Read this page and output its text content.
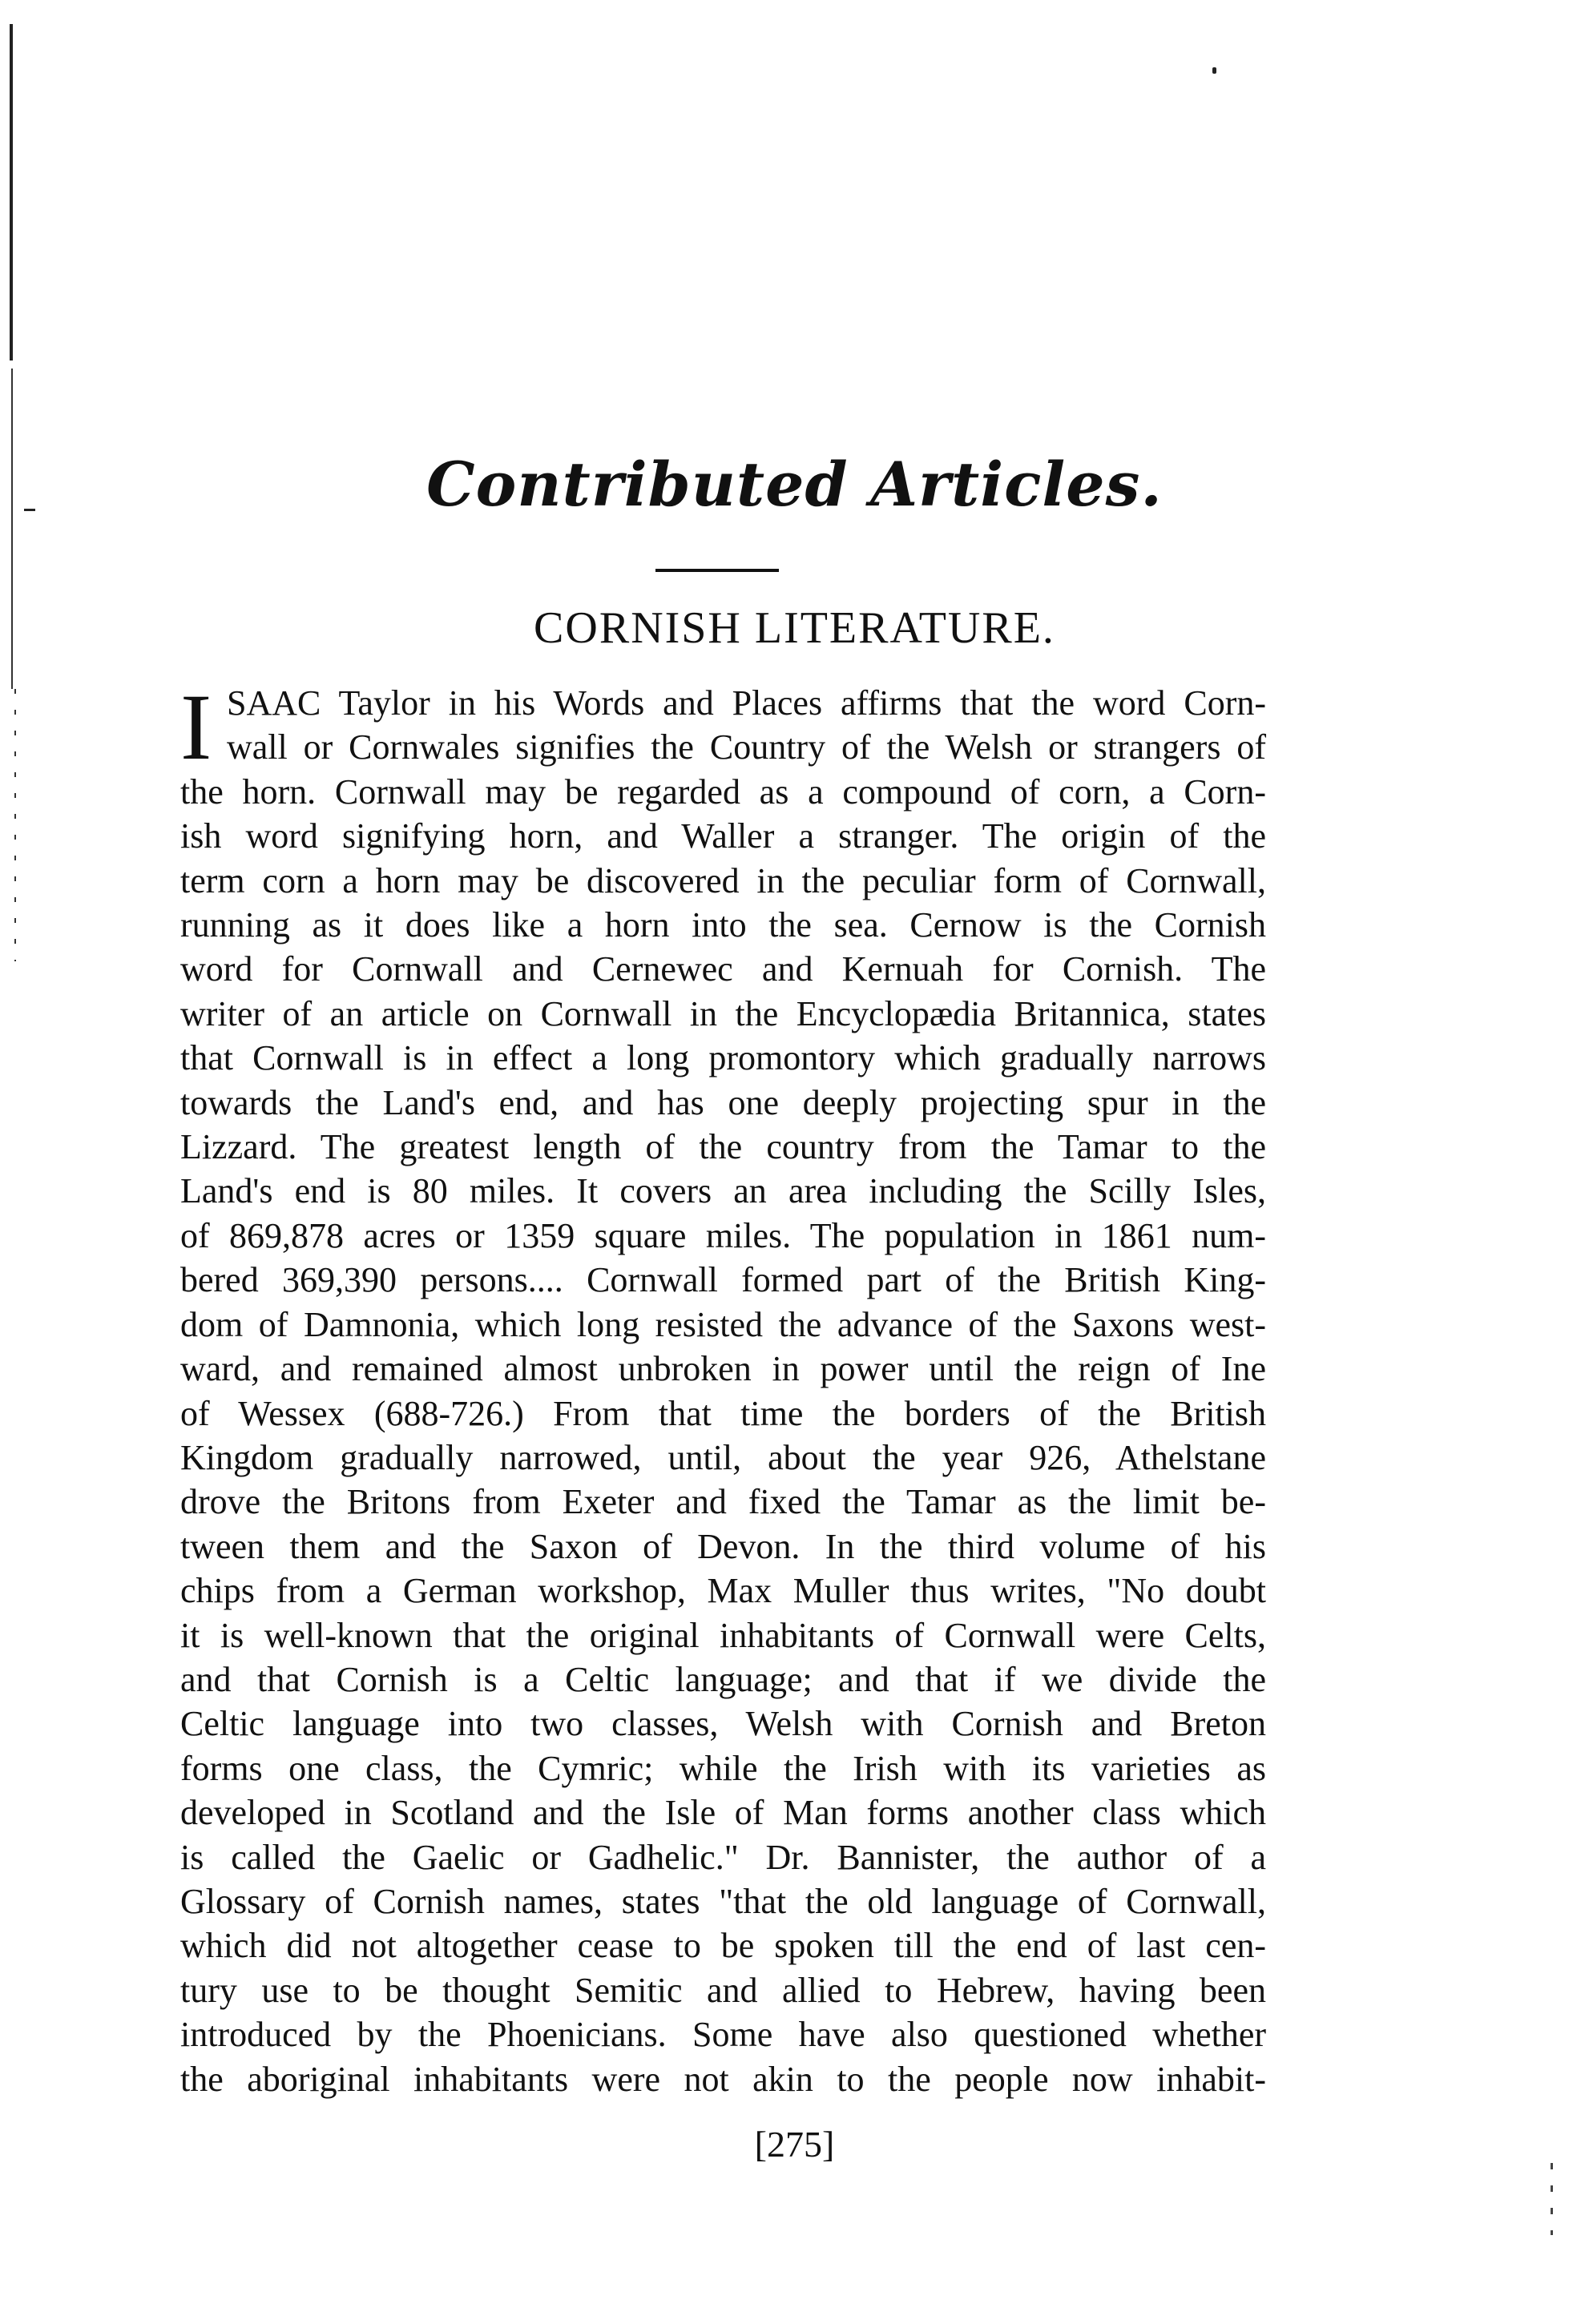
Contributed Articles.
CORNISH LITERATURE.
I SAAC Taylor in his Words and Places affirms that the word Corn-
wall or Cornwales signifies the Country of the Welsh or strangers of
the horn. Cornwall may be regarded as a compound of corn, a Corn-
ish word signifying horn, and Waller a stranger. The origin of the
term corn a horn may be discovered in the peculiar form of Cornwall,
running as it does like a horn into the sea. Cernow is the Cornish
word for Cornwall and Cernewec and Kernuah for Cornish. The
writer of an article on Cornwall in the Encyclopædia Britannica, states
that Cornwall is in effect a long promontory which gradually narrows
towards the Land's end, and has one deeply projecting spur in the
Lizzard. The greatest length of the country from the Tamar to the
Land's end is 80 miles. It covers an area including the Scilly Isles,
of 869,878 acres or 1359 square miles. The population in 1861 num-
bered 369,390 persons.... Cornwall formed part of the British King-
dom of Damnonia, which long resisted the advance of the Saxons west-
ward, and remained almost unbroken in power until the reign of Ine
of Wessex (688-726.) From that time the borders of the British
Kingdom gradually narrowed, until, about the year 926, Athelstane
drove the Britons from Exeter and fixed the Tamar as the limit be-
tween them and the Saxon of Devon. In the third volume of his
chips from a German workshop, Max Muller thus writes, "No doubt
it is well-known that the original inhabitants of Cornwall were Celts,
and that Cornish is a Celtic language; and that if we divide the
Celtic language into two classes, Welsh with Cornish and Breton
forms one class, the Cymric; while the Irish with its varieties as
developed in Scotland and the Isle of Man forms another class which
is called the Gaelic or Gadhelic." Dr. Bannister, the author of a
Glossary of Cornish names, states "that the old language of Cornwall,
which did not altogether cease to be spoken till the end of last cen-
tury use to be thought Semitic and allied to Hebrew, having been
introduced by the Phoenicians. Some have also questioned whether
the aboriginal inhabitants were not akin to the people now inhabit-
[275]
